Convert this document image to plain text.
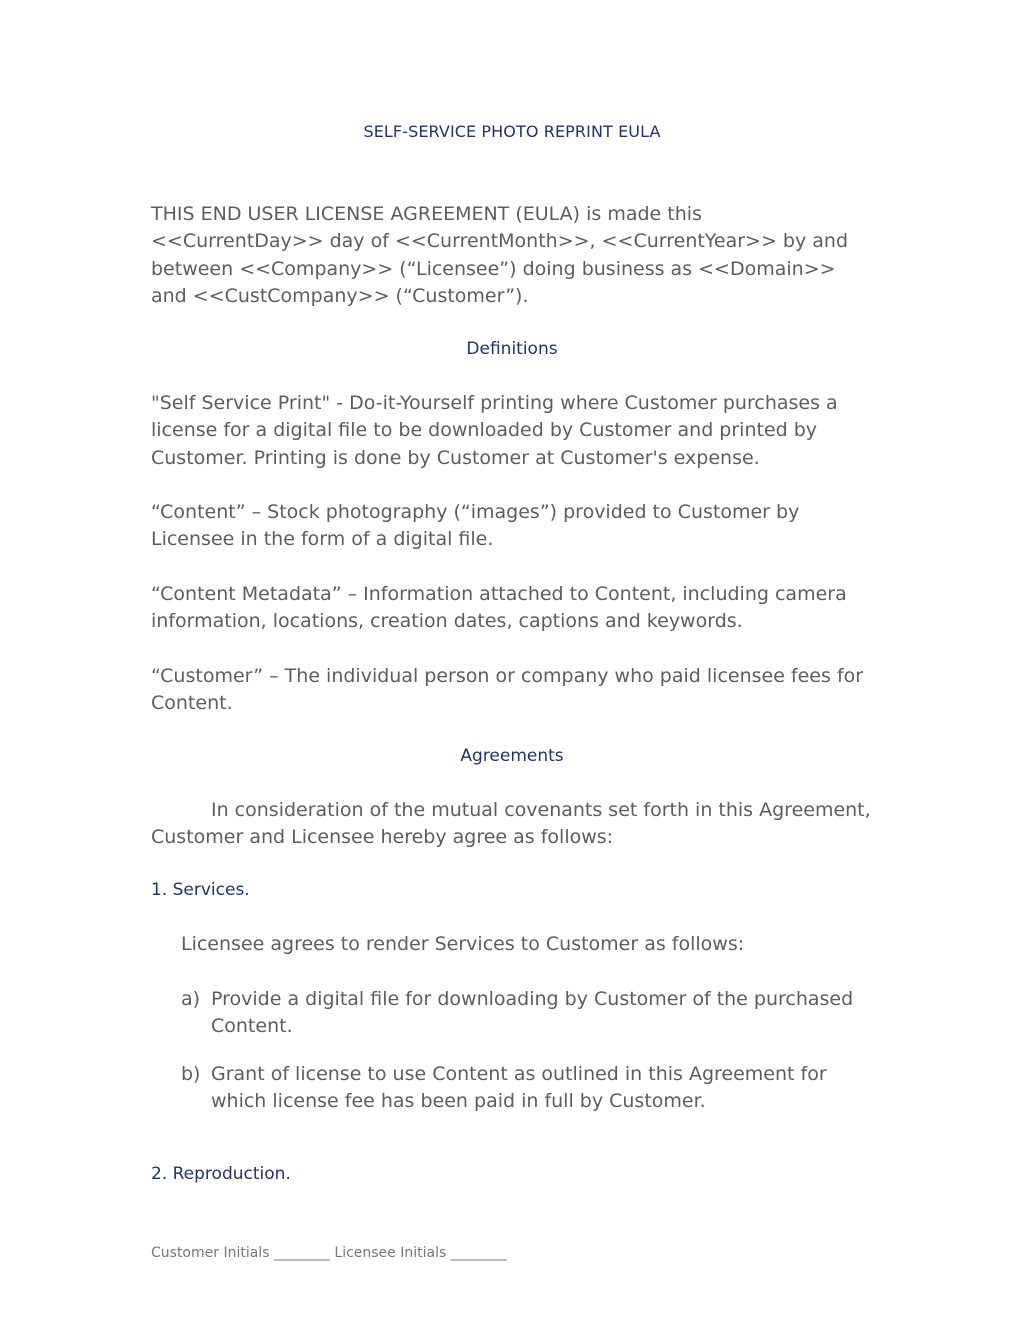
SELF-SERVICE PHOTO REPRINT EULA
THIS END USER LICENSE AGREEMENT (EULA) is made this <<CurrentDay>> day of <<CurrentMonth>>, <<CurrentYear>> by and between <<Company>> (“Licensee”) doing business as <<Domain>> and <<CustCompany>> (“Customer”).
Definitions
"Self Service Print" - Do-it-Yourself printing where Customer purchases a license for a digital file to be downloaded by Customer and printed by Customer. Printing is done by Customer at Customer's expense.
“Content” – Stock photography (“images”) provided to Customer by Licensee in the form of a digital file.
“Content Metadata” – Information attached to Content, including camera information, locations, creation dates, captions and keywords.
“Customer” – The individual person or company who paid licensee fees for Content.
Agreements
In consideration of the mutual covenants set forth in this Agreement, Customer and Licensee hereby agree as follows:
1. Services.
Licensee agrees to render Services to Customer as follows:
a) Provide a digital file for downloading by Customer of the purchased Content.
b) Grant of license to use Content as outlined in this Agreement for which license fee has been paid in full by Customer.
2. Reproduction.
Customer Initials ________ Licensee Initials ________
